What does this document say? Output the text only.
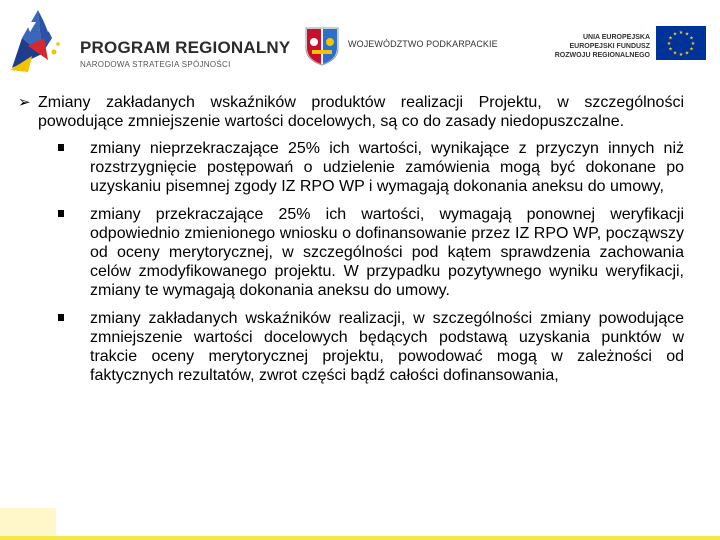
PROGRAM REGIONALNY
NARODOWA STRATEGIA SPÓJNOŚCI
WOJEWÓDZTWO PODKARPACKIE
UNIA EUROPEJSKA
EUROPEJSKI FUNDUSZ
ROZWOJU REGIONALNEGO
★ ★
★
★
★
★
★
★
★
★
★
★
➢ Zmiany zakładanych wskaźników produktów realizacji Projektu, w szczególności powodujące zmniejszenie wartości docelowych, są co do zasady niedopuszczalne.
zmiany nieprzekraczające 25% ich wartości, wynikające z przyczyn innych niż rozstrzygnięcie postępowań o udzielenie zamówienia mogą być dokonane po uzyskaniu pisemnej zgody IZ RPO WP i wymagają dokonania aneksu do umowy,
zmiany przekraczające 25% ich wartości, wymagają ponownej weryfikacji odpowiednio zmienionego wniosku o dofinansowanie przez IZ RPO WP, począwszy od oceny merytorycznej, w szczególności pod kątem sprawdzenia zachowania celów zmodyfikowanego projektu. W przypadku pozytywnego wyniku weryfikacji, zmiany te wymagają dokonania aneksu do umowy.
zmiany zakładanych wskaźników realizacji, w szczególności zmiany powodujące zmniejszenie wartości docelowych będących podstawą uzyskania punktów w trakcie oceny merytorycznej projektu, powodować mogą w zależności od faktycznych rezultatów, zwrot części bądź całości dofinansowania,
